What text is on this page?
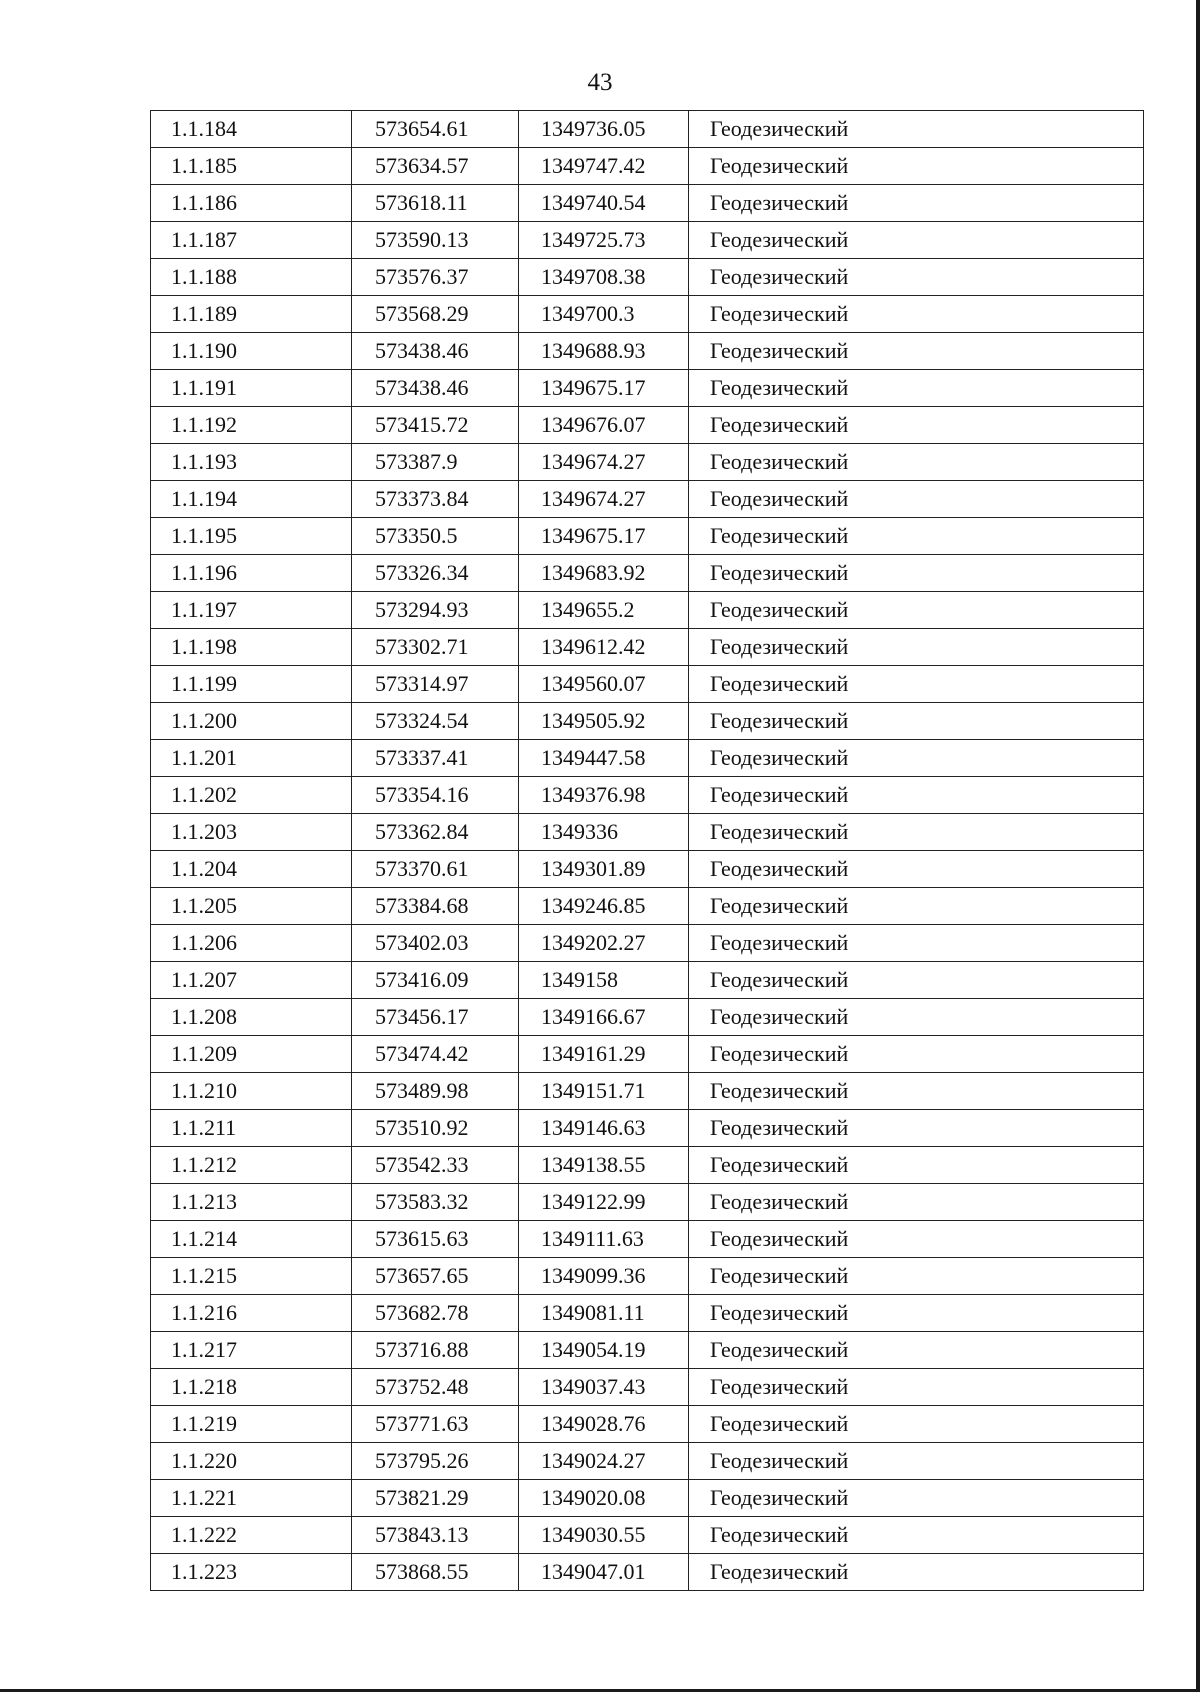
43
1.1.184	573654.61	1349736.05	Геодезический
1.1.185	573634.57	1349747.42	Геодезический
1.1.186	573618.11	1349740.54	Геодезический
1.1.187	573590.13	1349725.73	Геодезический
1.1.188	573576.37	1349708.38	Геодезический
1.1.189	573568.29	1349700.3	Геодезический
1.1.190	573438.46	1349688.93	Геодезический
1.1.191	573438.46	1349675.17	Геодезический
1.1.192	573415.72	1349676.07	Геодезический
1.1.193	573387.9	1349674.27	Геодезический
1.1.194	573373.84	1349674.27	Геодезический
1.1.195	573350.5	1349675.17	Геодезический
1.1.196	573326.34	1349683.92	Геодезический
1.1.197	573294.93	1349655.2	Геодезический
1.1.198	573302.71	1349612.42	Геодезический
1.1.199	573314.97	1349560.07	Геодезический
1.1.200	573324.54	1349505.92	Геодезический
1.1.201	573337.41	1349447.58	Геодезический
1.1.202	573354.16	1349376.98	Геодезический
1.1.203	573362.84	1349336	Геодезический
1.1.204	573370.61	1349301.89	Геодезический
1.1.205	573384.68	1349246.85	Геодезический
1.1.206	573402.03	1349202.27	Геодезический
1.1.207	573416.09	1349158	Геодезический
1.1.208	573456.17	1349166.67	Геодезический
1.1.209	573474.42	1349161.29	Геодезический
1.1.210	573489.98	1349151.71	Геодезический
1.1.211	573510.92	1349146.63	Геодезический
1.1.212	573542.33	1349138.55	Геодезический
1.1.213	573583.32	1349122.99	Геодезический
1.1.214	573615.63	1349111.63	Геодезический
1.1.215	573657.65	1349099.36	Геодезический
1.1.216	573682.78	1349081.11	Геодезический
1.1.217	573716.88	1349054.19	Геодезический
1.1.218	573752.48	1349037.43	Геодезический
1.1.219	573771.63	1349028.76	Геодезический
1.1.220	573795.26	1349024.27	Геодезический
1.1.221	573821.29	1349020.08	Геодезический
1.1.222	573843.13	1349030.55	Геодезический
1.1.223	573868.55	1349047.01	Геодезический
